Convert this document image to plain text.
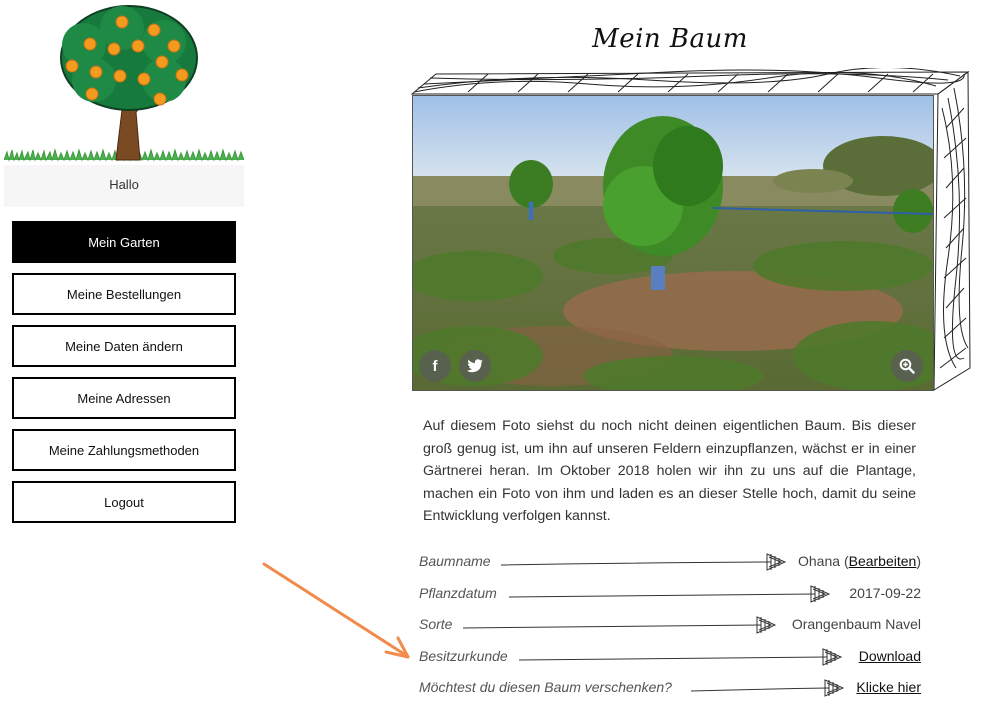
Hallo
Mein Garten
Meine Bestellungen
Meine Daten ändern
Meine Adressen
Meine Zahlungsmethoden
Logout
Mein Baum
f
Auf diesem Foto siehst du noch nicht deinen eigentlichen Baum. Bis dieser groß genug ist, um ihn auf unseren Feldern einzupflanzen, wächst er in einer Gärtnerei heran. Im Oktober 2018 holen wir ihn zu uns auf die Plantage, machen ein Foto von ihm und laden es an dieser Stelle hoch, damit du seine Entwicklung verfolgen kannst.
Baumname	Ohana (Bearbeiten)
Pflanzdatum	2017-09-22
Sorte	Orangenbaum Navel
Besitzurkunde	Download
Möchtest du diesen Baum verschenken?	Klicke hier
